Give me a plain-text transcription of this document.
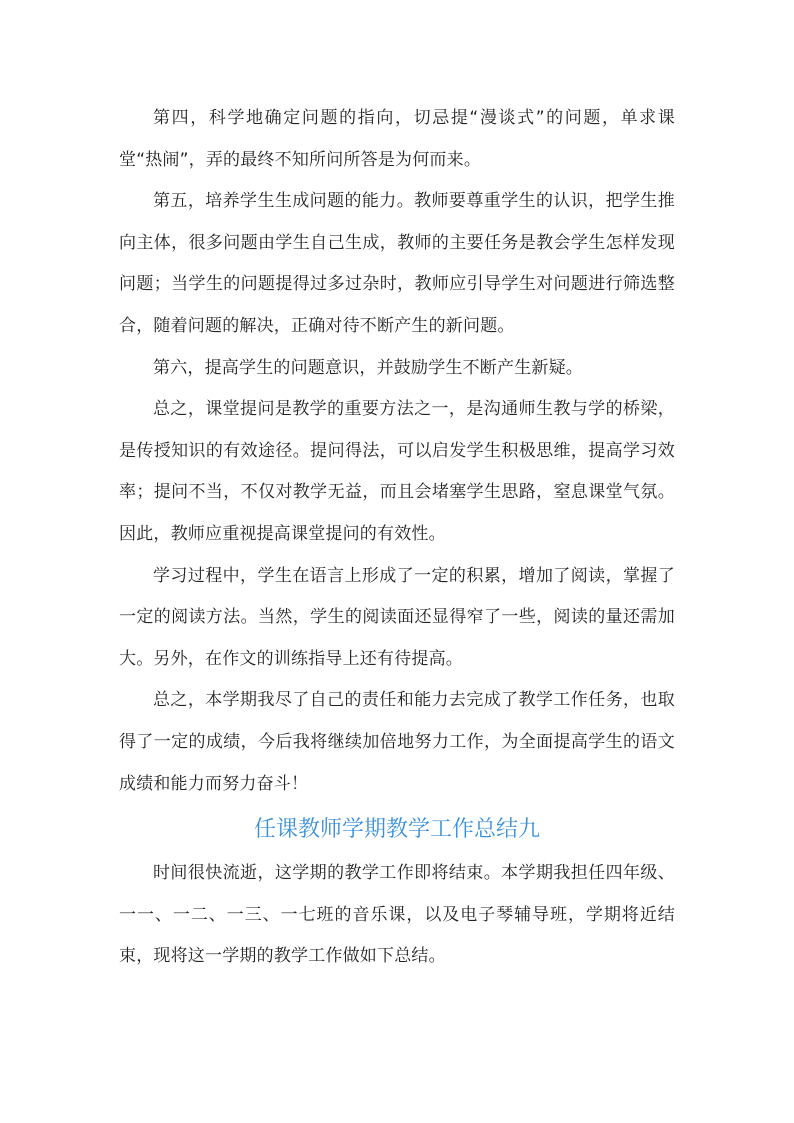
第四，科学地确定问题的指向，切忌提“漫谈式”的问题，单求课堂“热闹”，弄的最终不知所问所答是为何而来。

第五，培养学生生成问题的能力。教师要尊重学生的认识，把学生推向主体，很多问题由学生自己生成，教师的主要任务是教会学生怎样发现问题；当学生的问题提得过多过杂时，教师应引导学生对问题进行筛选整合，随着问题的解决，正确对待不断产生的新问题。

第六，提高学生的问题意识，并鼓励学生不断产生新疑。

总之，课堂提问是教学的重要方法之一，是沟通师生教与学的桥梁，是传授知识的有效途径。提问得法，可以启发学生积极思维，提高学习效率；提问不当，不仅对教学无益，而且会堵塞学生思路，窒息课堂气氛。因此，教师应重视提高课堂提问的有效性。

学习过程中，学生在语言上形成了一定的积累，增加了阅读，掌握了一定的阅读方法。当然，学生的阅读面还显得窄了一些，阅读的量还需加大。另外，在作文的训练指导上还有待提高。

总之，本学期我尽了自己的责任和能力去完成了教学工作任务，也取得了一定的成绩，今后我将继续加倍地努力工作，为全面提高学生的语文成绩和能力而努力奋斗！

任课教师学期教学工作总结九

时间很快流逝，这学期的教学工作即将结束。本学期我担任四年级、一一、一二、一三、一七班的音乐课，以及电子琴辅导班，学期将近结束，现将这一学期的教学工作做如下总结。
